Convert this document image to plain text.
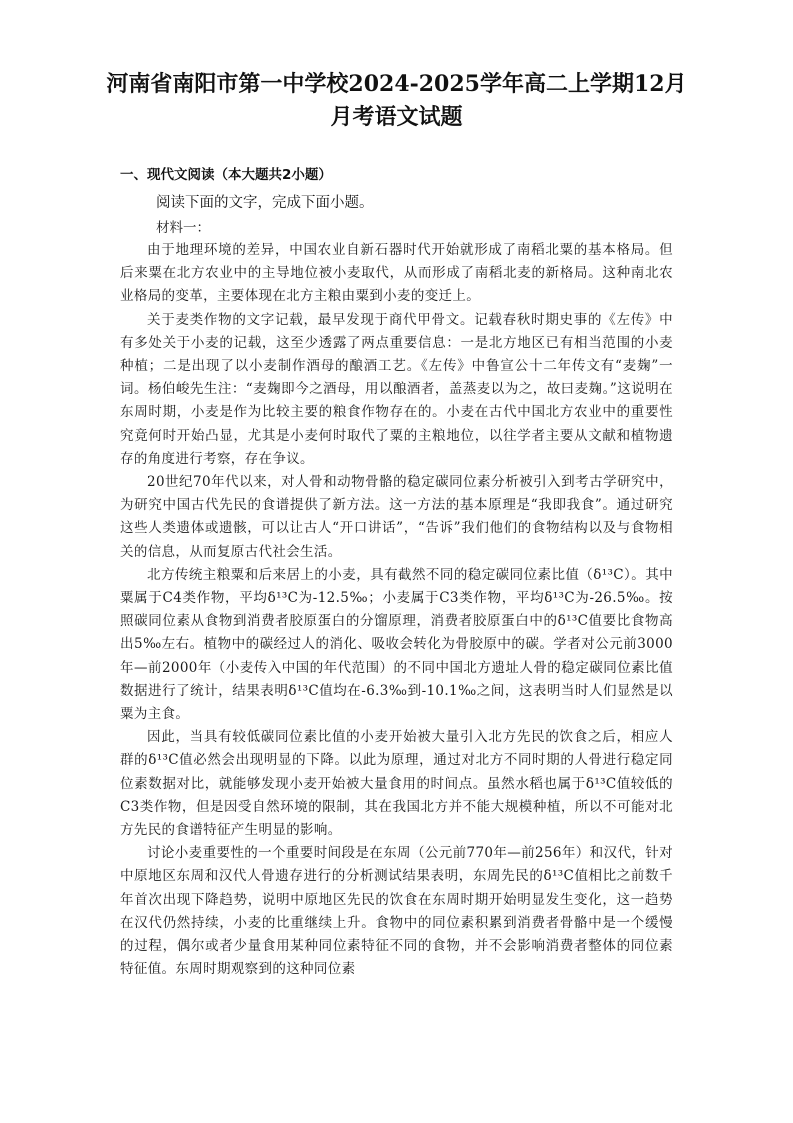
河南省南阳市第一中学校2024-2025学年高二上学期12月月考语文试题
一、现代文阅读（本大题共2小题）
阅读下面的文字，完成下面小题。
材料一：

由于地理环境的差异，中国农业自新石器时代开始就形成了南稻北粟的基本格局。但后来粟在北方农业中的主导地位被小麦取代，从而形成了南稻北麦的新格局。这种南北农业格局的变革，主要体现在北方主粮由粟到小麦的变迁上。

关于麦类作物的文字记载，最早发现于商代甲骨文。记载春秋时期史事的《左传》中有多处关于小麦的记载，这至少透露了两点重要信息：一是北方地区已有相当范围的小麦种植；二是出现了以小麦制作酒母的酿酒工艺。《左传》中鲁宣公十二年传文有“麦麹”一词。杨伯峻先生注：“麦麹即今之酒母，用以酿酒者，盖蒸麦以为之，故曰麦麹。”这说明在东周时期，小麦是作为比较主要的粮食作物存在的。小麦在古代中国北方农业中的重要性究竟何时开始凸显，尤其是小麦何时取代了粟的主粮地位，以往学者主要从文献和植物遗存的角度进行考察，存在争议。

20世纪70年代以来，对人骨和动物骨骼的稳定碳同位素分析被引入到考古学研究中，为研究中国古代先民的食谱提供了新方法。这一方法的基本原理是“我即我食”。通过研究这些人类遗体或遗骸，可以让古人“开口讲话”，“告诉”我们他们的食物结构以及与食物相关的信息，从而复原古代社会生活。

北方传统主粮粟和后来居上的小麦，具有截然不同的稳定碳同位素比值（δ¹³C）。其中粟属于C4类作物，平均δ¹³C为-12.5‰；小麦属于C3类作物，平均δ¹³C为-26.5‰。按照碳同位素从食物到消费者胶原蛋白的分馏原理，消费者胶原蛋白中的δ¹³C值要比食物高出5‰左右。植物中的碳经过人的消化、吸收会转化为骨胶原中的碳。学者对公元前3000年—前2000年（小麦传入中国的年代范围）的不同中国北方遗址人骨的稳定碳同位素比值数据进行了统计，结果表明δ¹³C值均在-6.3‰到-10.1‰之间，这表明当时人们显然是以粟为主食。

因此，当具有较低碳同位素比值的小麦开始被大量引入北方先民的饮食之后，相应人群的δ¹³C值必然会出现明显的下降。以此为原理，通过对北方不同时期的人骨进行稳定同位素数据对比，就能够发现小麦开始被大量食用的时间点。虽然水稻也属于δ¹³C值较低的C3类作物，但是因受自然环境的限制，其在我国北方并不能大规模种植，所以不可能对北方先民的食谱特征产生明显的影响。

讨论小麦重要性的一个重要时间段是在东周（公元前770年—前256年）和汉代，针对中原地区东周和汉代人骨遗存进行的分析测试结果表明，东周先民的δ¹³C值相比之前数千年首次出现下降趋势，说明中原地区先民的饮食在东周时期开始明显发生变化，这一趋势在汉代仍然持续，小麦的比重继续上升。食物中的同位素积累到消费者骨骼中是一个缓慢的过程，偶尔或者少量食用某种同位素特征不同的食物，并不会影响消费者整体的同位素特征值。东周时期观察到的这种同位素
